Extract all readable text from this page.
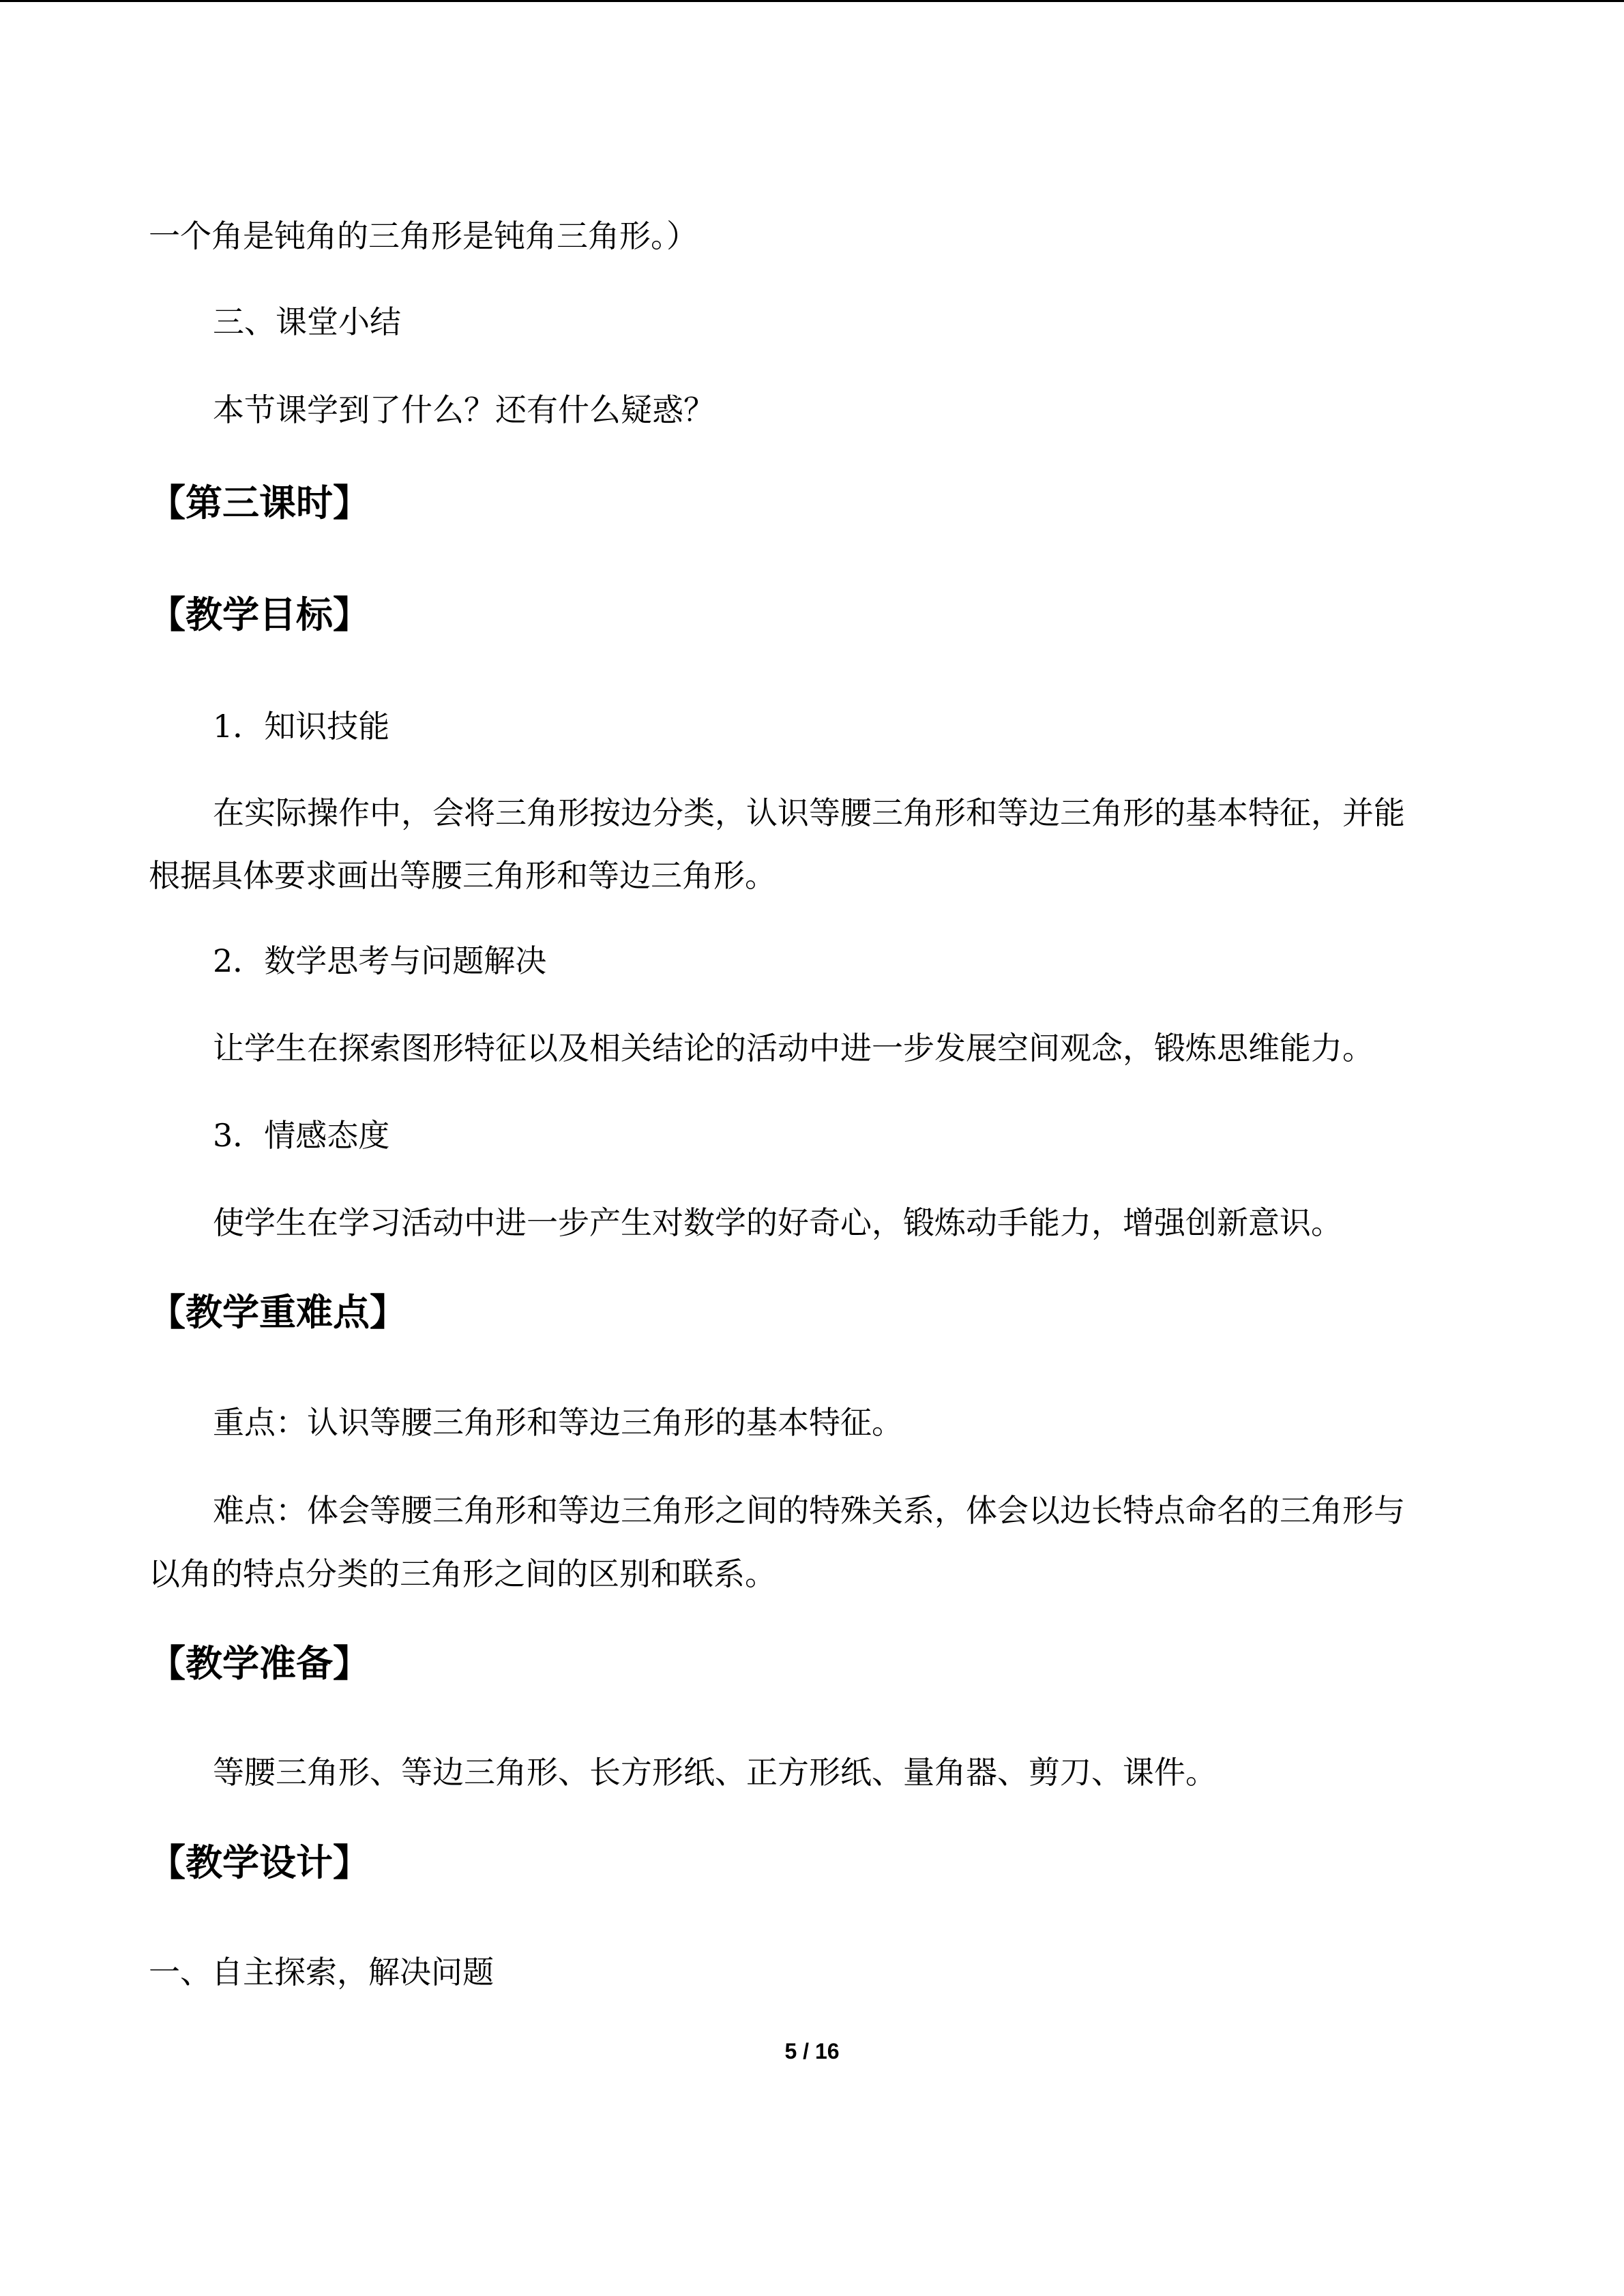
一个角是钝角的三角形是钝角三角形。）
三、课堂小结
本节课学到了什么？还有什么疑惑？
【第三课时】
【教学目标】
1．知识技能
在实际操作中，会将三角形按边分类，认识等腰三角形和等边三角形的基本特征，并能
根据具体要求画出等腰三角形和等边三角形。
2．数学思考与问题解决
让学生在探索图形特征以及相关结论的活动中进一步发展空间观念，锻炼思维能力。
3．情感态度
使学生在学习活动中进一步产生对数学的好奇心，锻炼动手能力，增强创新意识。
【教学重难点】
重点：认识等腰三角形和等边三角形的基本特征。
难点：体会等腰三角形和等边三角形之间的特殊关系，体会以边长特点命名的三角形与
以角的特点分类的三角形之间的区别和联系。
【教学准备】
等腰三角形、等边三角形、长方形纸、正方形纸、量角器、剪刀、课件。
【教学设计】
一、自主探索，解决问题
5 / 16
